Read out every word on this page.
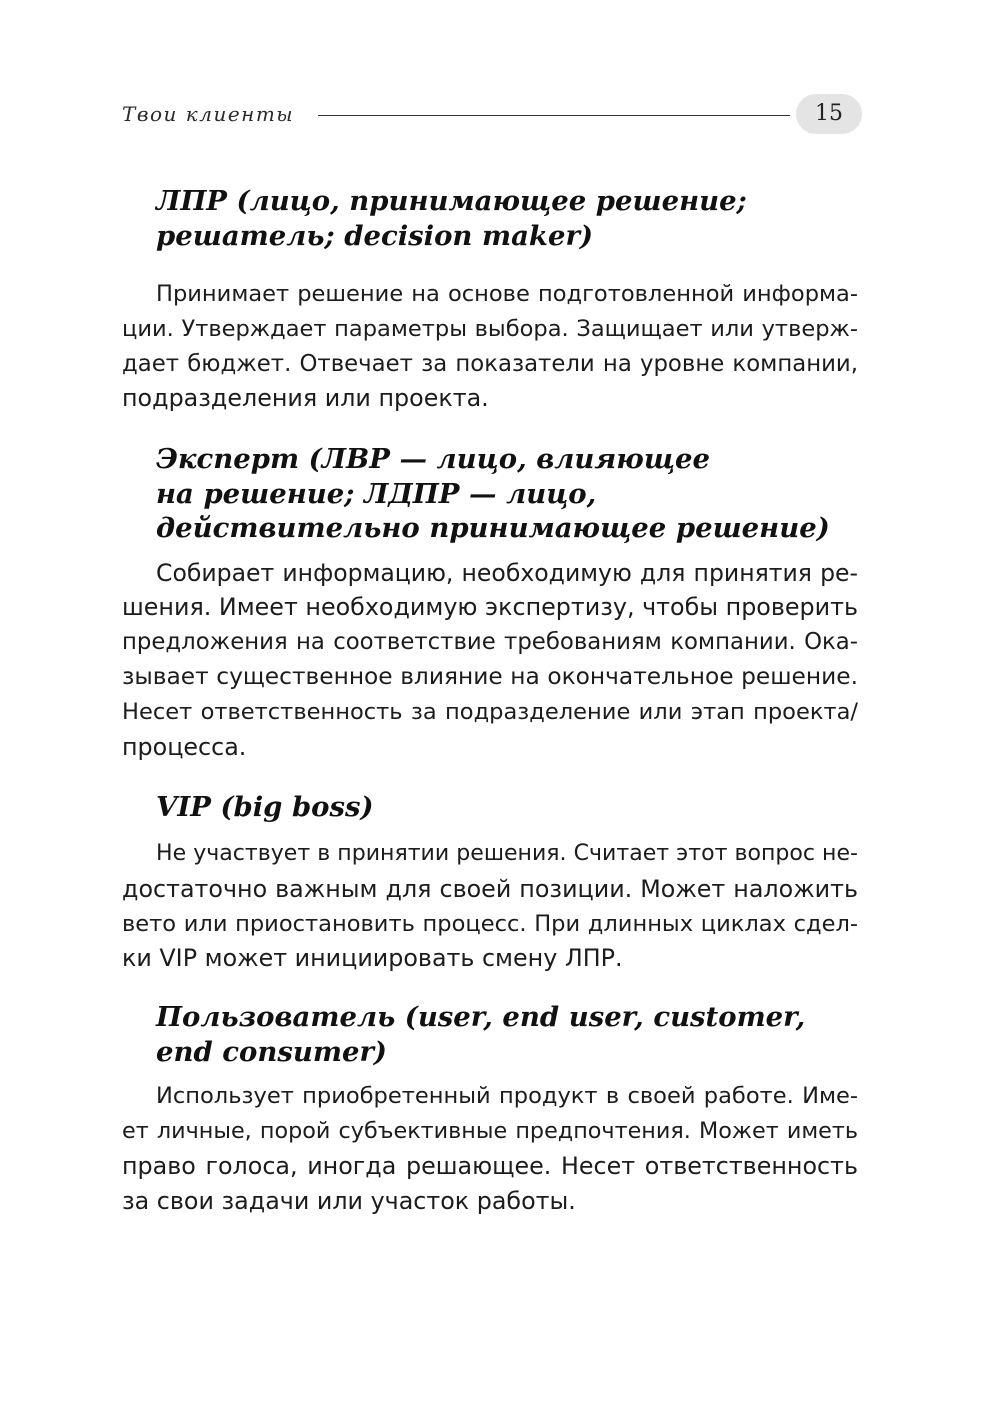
Твои клиенты	15
ЛПР (лицо, принимающее решение;
решатель; decision maker)

Принимает решение на основе подготовленной информа-
ции. Утверждает параметры выбора. Защищает или утверж-
дает бюджет. Отвечает за показатели на уровне компании,
подразделения или проекта.

Эксперт (ЛВР — лицо, влияющее
на решение; ЛДПР — лицо,
действительно принимающее решение)

Собирает информацию, необходимую для принятия ре-
шения. Имеет необходимую экспертизу, чтобы проверить
предложения на соответствие требованиям компании. Ока-
зывает существенное влияние на окончательное решение.
Несет ответственность за подразделение или этап проекта/
процесса.

VIP (big boss)

Не участвует в принятии решения. Считает этот вопрос не-
достаточно важным для своей позиции. Может наложить
вето или приостановить процесс. При длинных циклах сдел-
ки VIP может инициировать смену ЛПР.

Пользователь (user, end user, customer,
end consumer)

Использует приобретенный продукт в своей работе. Име-
ет личные, порой субъективные предпочтения. Может иметь
право голоса, иногда решающее. Несет ответственность
за свои задачи или участок работы.
